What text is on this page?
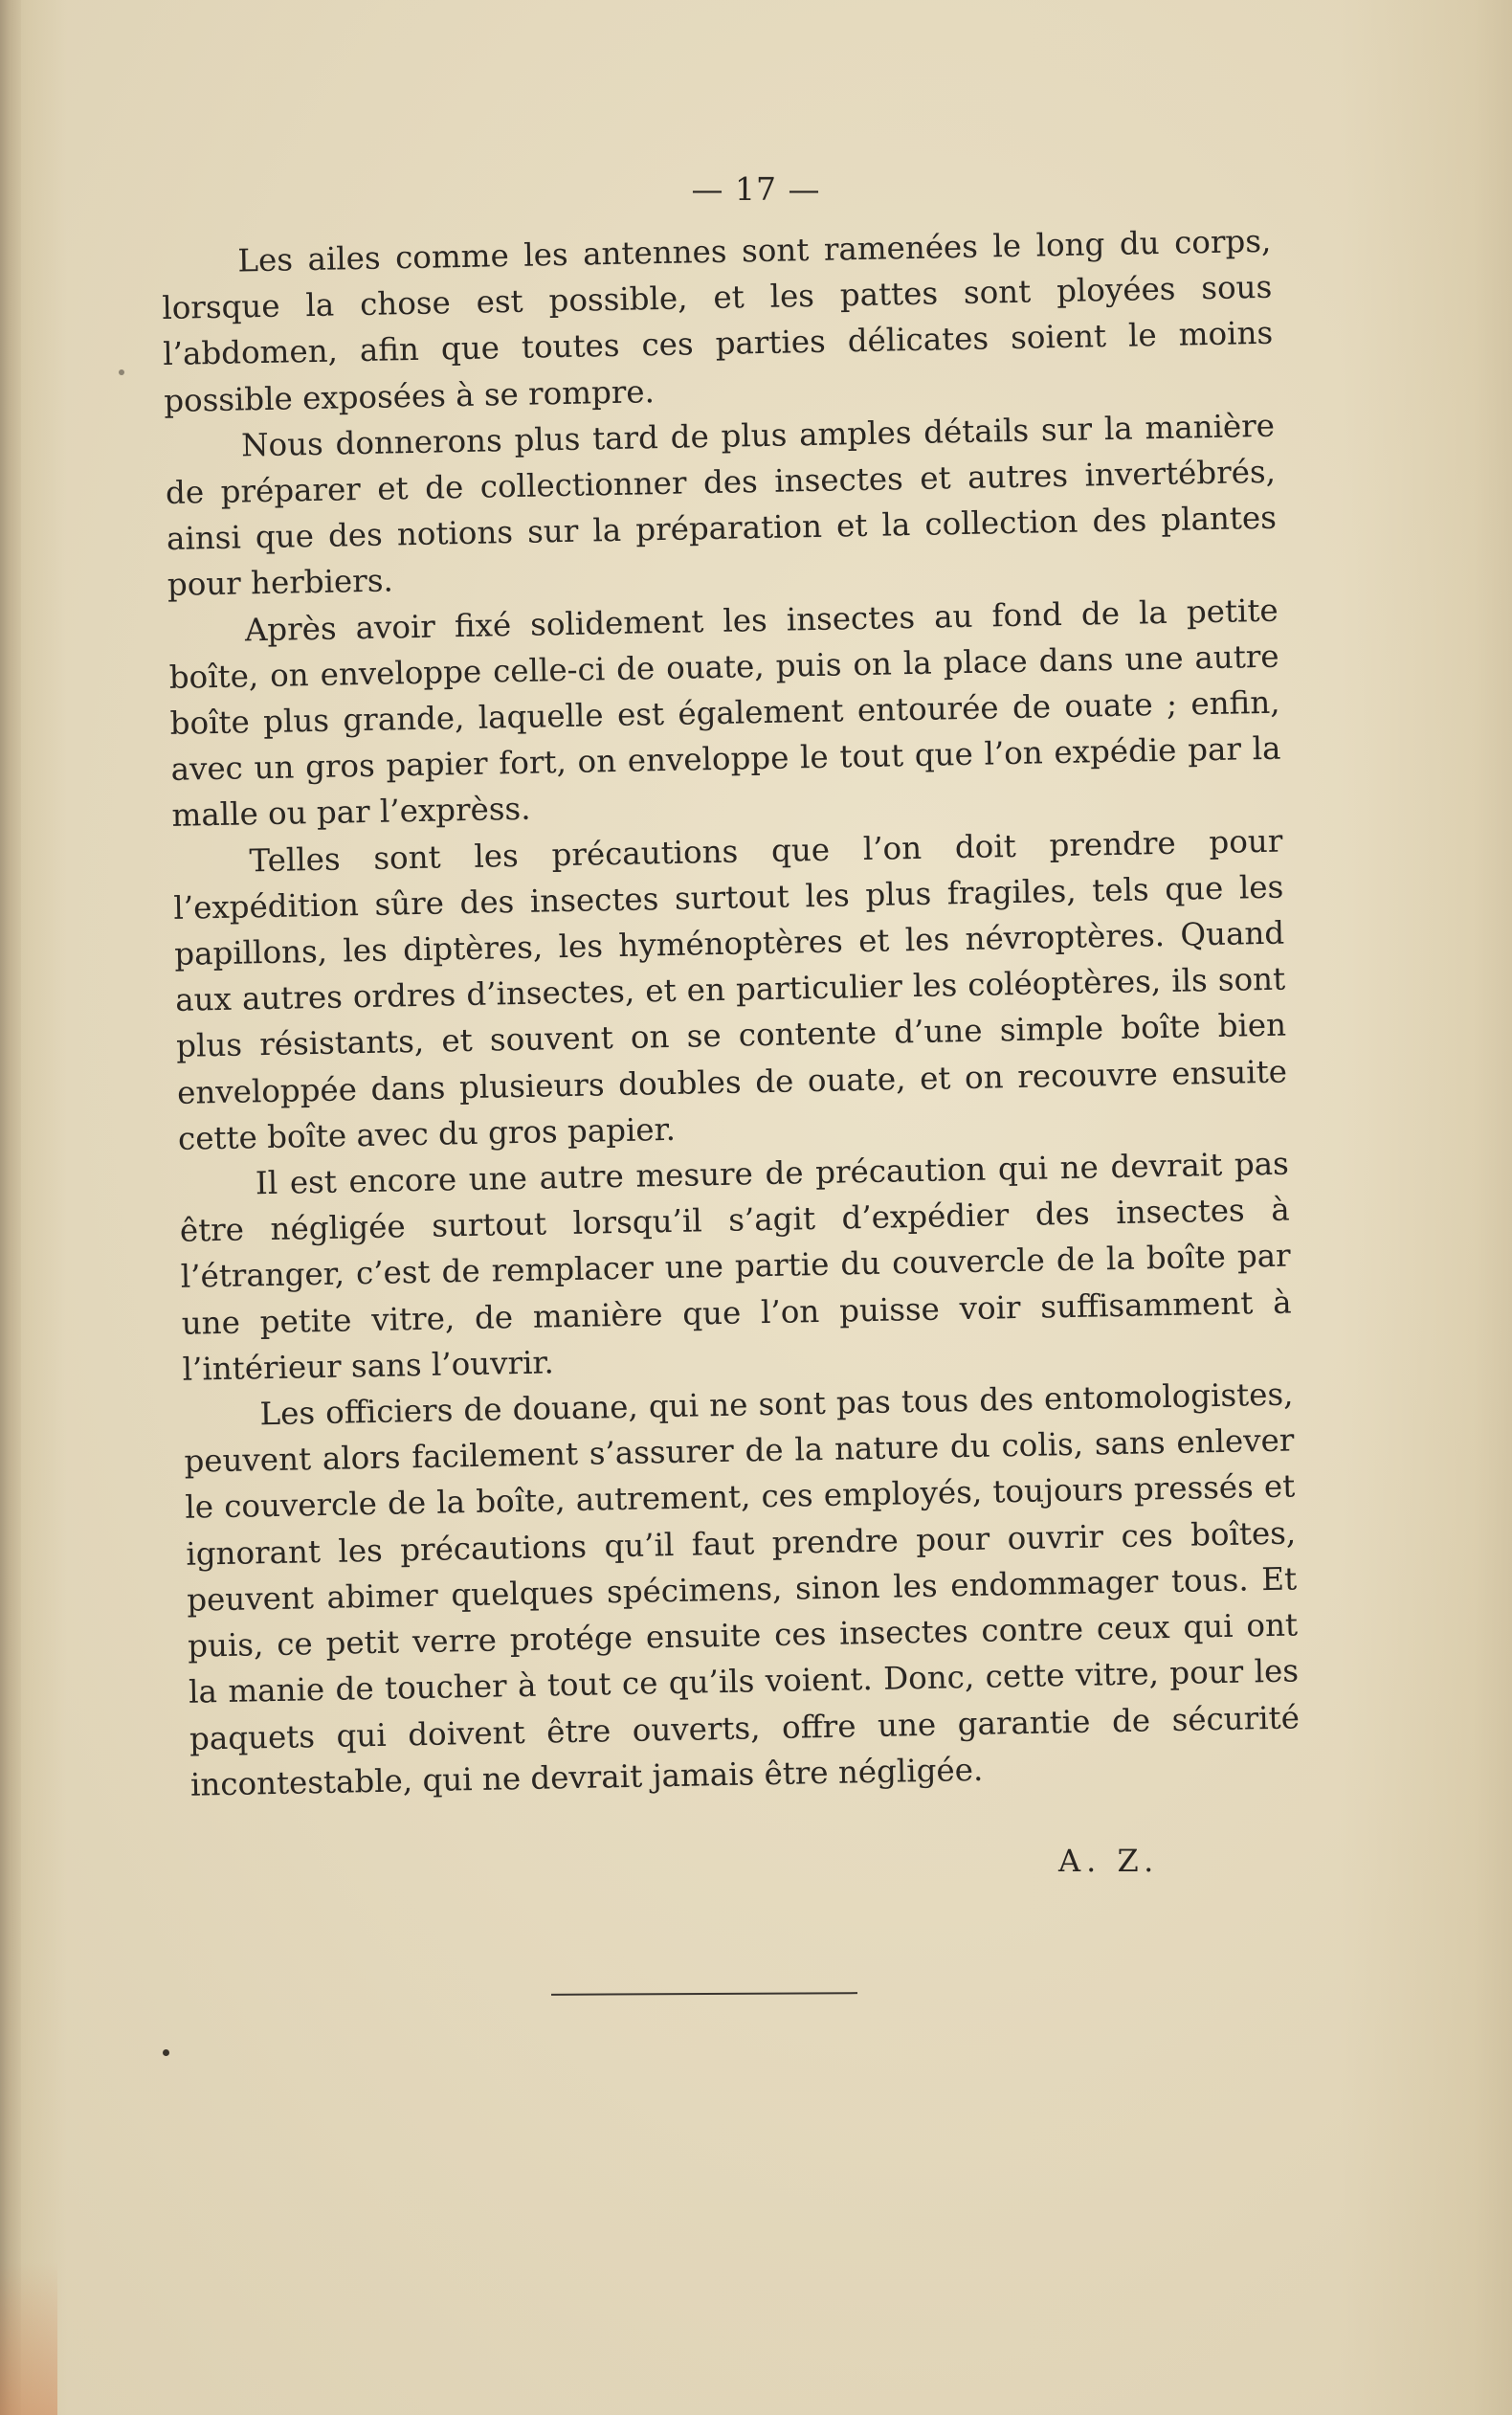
— 17 —

Les ailes comme les antennes sont ramenées le long du corps, lorsque la chose est possible, et les pattes sont ployées sous l’abdomen, afin que toutes ces parties délicates soient le moins possible exposées à se rompre.

Nous donnerons plus tard de plus amples détails sur la manière de préparer et de collectionner des insectes et autres invertébrés, ainsi que des notions sur la préparation et la collection des plantes pour herbiers.

Après avoir fixé solidement les insectes au fond de la petite boîte, on enveloppe celle-ci de ouate, puis on la place dans une autre boîte plus grande, laquelle est également entourée de ouate ; enfin, avec un gros papier fort, on enveloppe le tout que l’on expédie par la malle ou par l’exprèss.

Telles sont les précautions que l’on doit prendre pour l’expédition sûre des insectes surtout les plus fragiles, tels que les papillons, les diptères, les hyménoptères et les névroptères. Quand aux autres ordres d’insectes, et en particulier les coléoptères, ils sont plus résistants, et souvent on se contente d’une simple boîte bien enveloppée dans plusieurs doubles de ouate, et on recouvre ensuite cette boîte avec du gros papier.

Il est encore une autre mesure de précaution qui ne devrait pas être négligée surtout lorsqu’il s’agit d’expédier des insectes à l’étranger, c’est de remplacer une partie du couvercle de la boîte par une petite vitre, de manière que l’on puisse voir suffisamment à l’intérieur sans l’ouvrir.

Les officiers de douane, qui ne sont pas tous des entomologistes, peuvent alors facilement s’assurer de la nature du colis, sans enlever le couvercle de la boîte, autrement, ces employés, toujours pressés et ignorant les précautions qu’il faut prendre pour ouvrir ces boîtes, peuvent abimer quelques spécimens, sinon les endommager tous. Et puis, ce petit verre protége ensuite ces insectes contre ceux qui ont la manie de toucher à tout ce qu’ils voient. Donc, cette vitre, pour les paquets qui doivent être ouverts, offre une garantie de sécurité incontestable, qui ne devrait jamais être négligée.

A. Z.
